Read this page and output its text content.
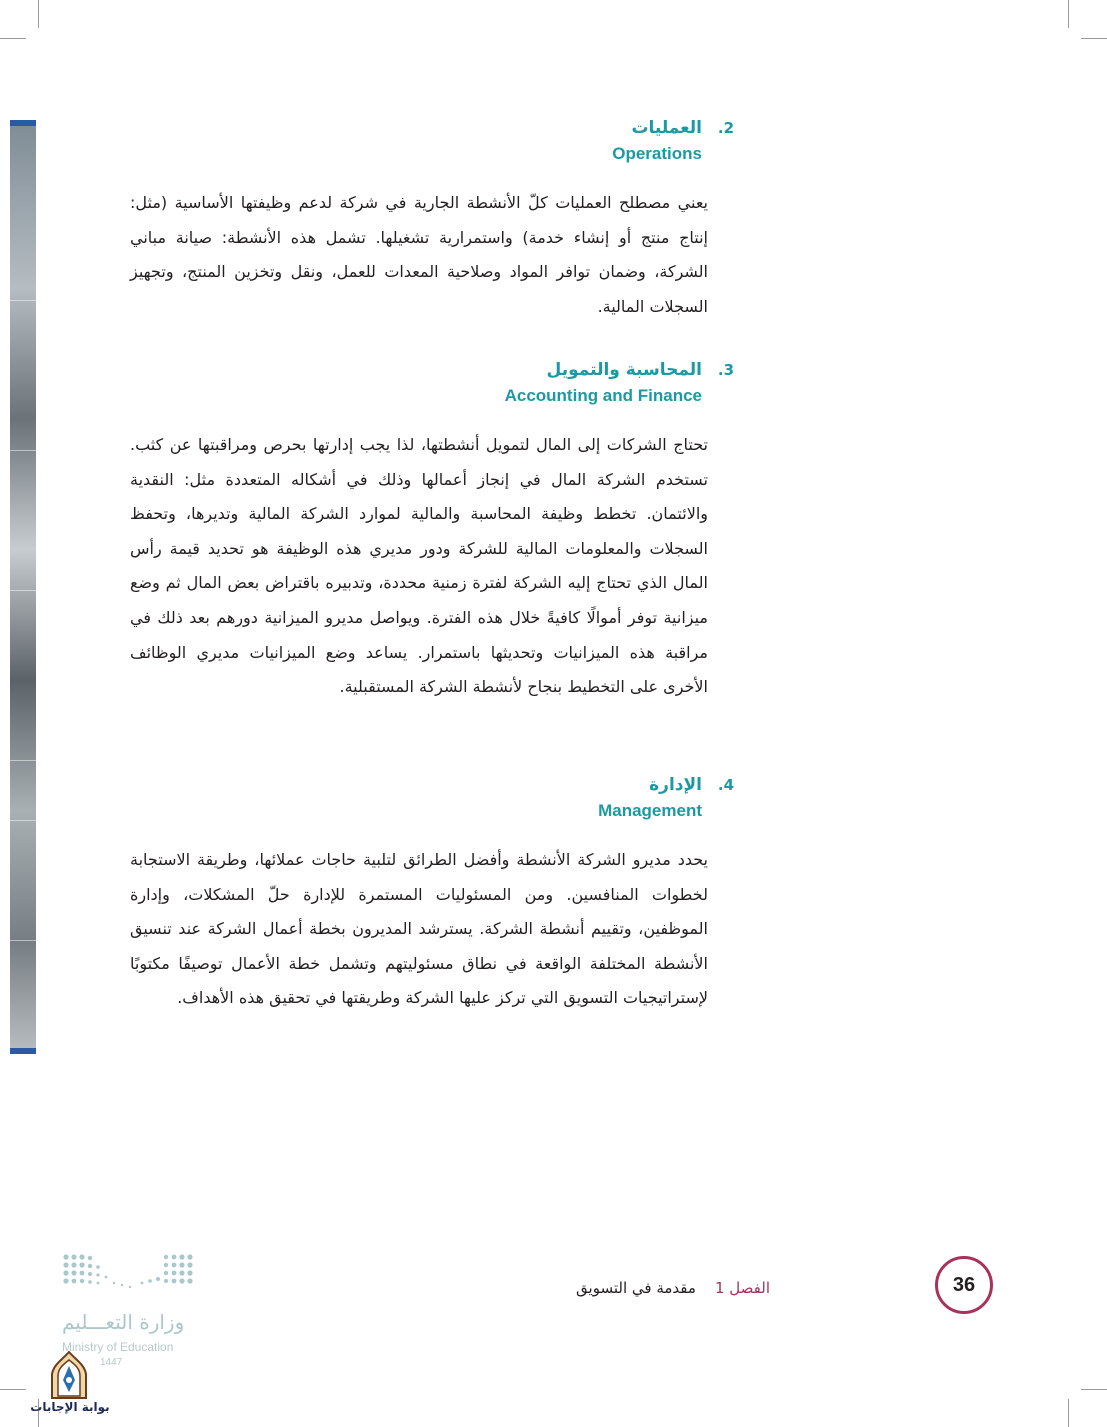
.2
العمليات
Operations

يعني مصطلح العمليات كلّ الأنشطة الجارية في شركة لدعم وظيفتها الأساسية (مثل: إنتاج منتج أو إنشاء خدمة) واستمرارية تشغيلها. تشمل هذه الأنشطة: صيانة مباني الشركة، وضمان توافر المواد وصلاحية المعدات للعمل، ونقل وتخزين المنتج، وتجهيز السجلات المالية.

.3
المحاسبة والتمويل
Accounting and Finance

تحتاج الشركات إلى المال لتمويل أنشطتها، لذا يجب إدارتها بحرص ومراقبتها عن كثب. تستخدم الشركة المال في إنجاز أعمالها وذلك في أشكاله المتعددة مثل: النقدية والائتمان. تخطط وظيفة المحاسبة والمالية لموارد الشركة المالية وتديرها، وتحفظ السجلات والمعلومات المالية للشركة ودور مديري هذه الوظيفة هو تحديد قيمة رأس المال الذي تحتاج إليه الشركة لفترة زمنية محددة، وتدبيره باقتراض بعض المال ثم وضع ميزانية توفر أموالًا كافيةً خلال هذه الفترة. ويواصل مديرو الميزانية دورهم بعد ذلك في مراقبة هذه الميزانيات وتحديثها باستمرار. يساعد وضع الميزانيات مديري الوظائف الأخرى على التخطيط بنجاح لأنشطة الشركة المستقبلية.

.4
الإدارة
Management

يحدد مديرو الشركة الأنشطة وأفضل الطرائق لتلبية حاجات عملائها، وطريقة الاستجابة لخطوات المنافسين. ومن المسئوليات المستمرة للإدارة حلّ المشكلات، وإدارة الموظفين، وتقييم أنشطة الشركة. يسترشد المديرون بخطة أعمال الشركة عند تنسيق الأنشطة المختلفة الواقعة في نطاق مسئوليتهم وتشمل خطة الأعمال توصيفًا مكتوبًا لإستراتيجيات التسويق التي تركز عليها الشركة وطريقتها في تحقيق هذه الأهداف.

36
الفصل 1    مقدمة في التسويق
وزارة التعـــليم
Ministry of Education
1447
بوابة الإجابات
